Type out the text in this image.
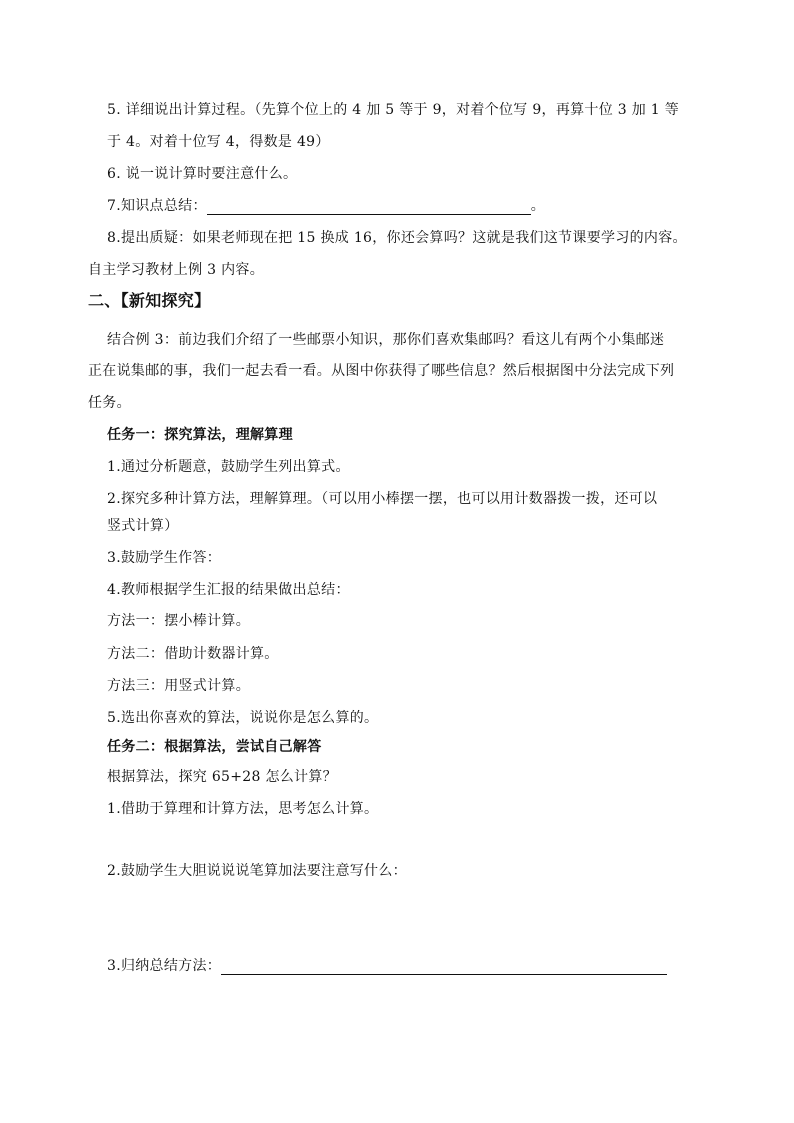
5. 详细说出计算过程。（先算个位上的 4 加 5 等于 9，对着个位写 9，再算十位 3 加 1 等
于 4。对着十位写 4，得数是 49）
6. 说一说计算时要注意什么。
7.知识点总结：	。
8.提出质疑：如果老师现在把 15 换成 16，你还会算吗？这就是我们这节课要学习的内容。
自主学习教材上例 3 内容。
二、【新知探究】
结合例 3：前边我们介绍了一些邮票小知识，那你们喜欢集邮吗？看这儿有两个小集邮迷
正在说集邮的事，我们一起去看一看。从图中你获得了哪些信息？然后根据图中分法完成下列
任务。
任务一：探究算法，理解算理
1.通过分析题意，鼓励学生列出算式。
2.探究多种计算方法，理解算理。（可以用小棒摆一摆，也可以用计数器拨一拨，还可以
竖式计算）
3.鼓励学生作答：
4.教师根据学生汇报的结果做出总结：
方法一：摆小棒计算。
方法二：借助计数器计算。
方法三：用竖式计算。
5.选出你喜欢的算法，说说你是怎么算的。
任务二：根据算法，尝试自己解答
根据算法，探究 65+28 怎么计算？
1.借助于算理和计算方法，思考怎么计算。
2.鼓励学生大胆说说说笔算加法要注意写什么：
3.归纳总结方法：
